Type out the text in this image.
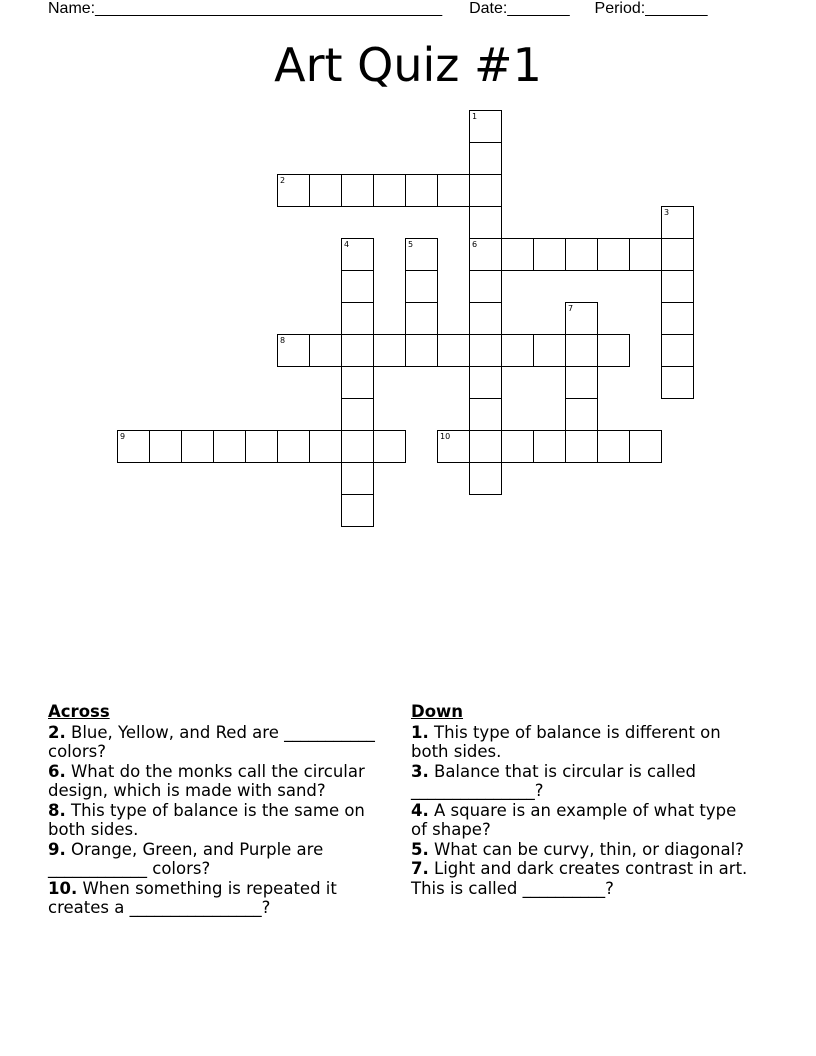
Name:_______________________________________ Date:_______ Period:_______
Art Quiz #1
1
6
2
3
4	5
7
8
9	10
Across
2. Blue, Yellow, and Red are ___________ colors?
6. What do the monks call the circular design, which is made with sand?
8. This type of balance is the same on both sides.
9. Orange, Green, and Purple are ____________ colors?
10. When something is repeated it creates a ________________?
Down
1. This type of balance is different on both sides.
3. Balance that is circular is called _______________?
4. A square is an example of what type of shape?
5. What can be curvy, thin, or diagonal?
7. Light and dark creates contrast in art. This is called __________?
